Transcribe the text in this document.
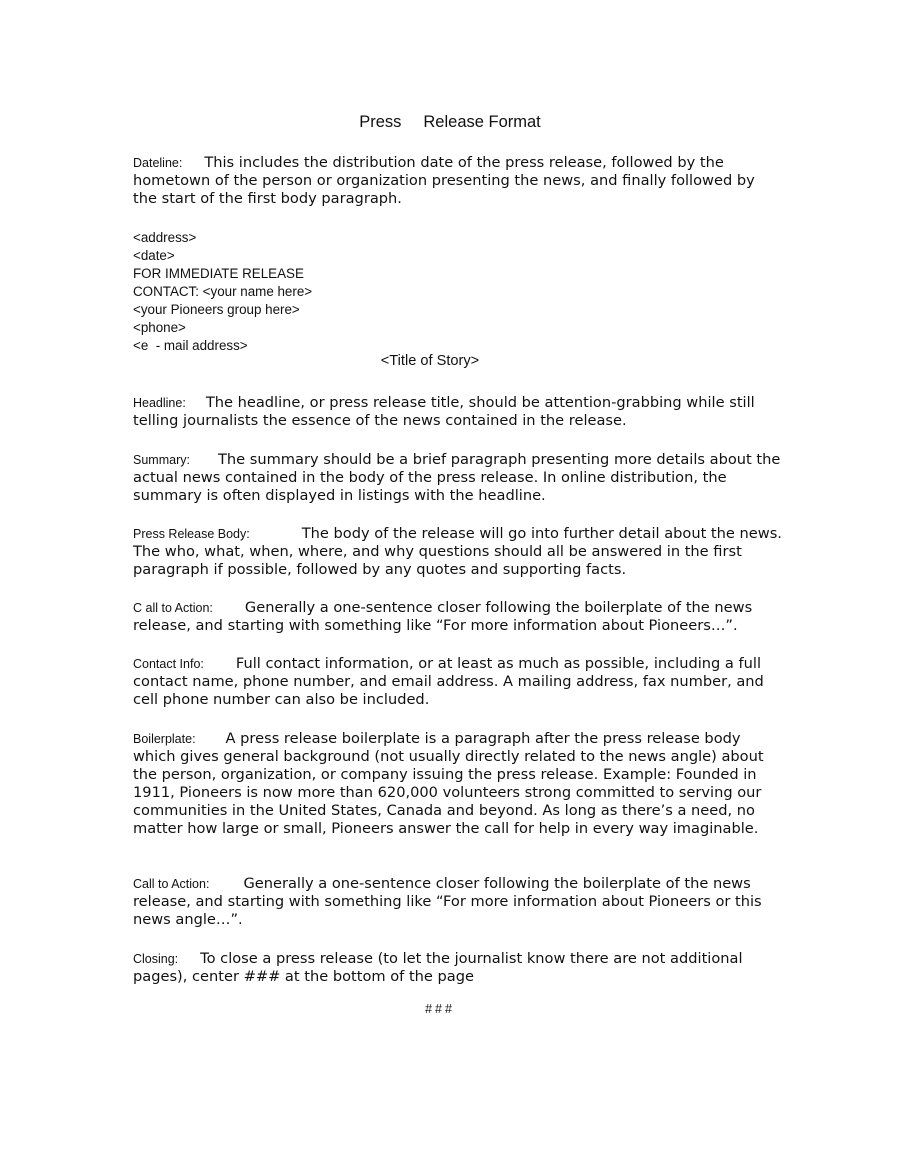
Press Release Format
Dateline: This includes the distribution date of the press release, followed by the hometown of the person or organization presenting the news, and finally followed by the start of the first body paragraph.
<address>
<date>
FOR IMMEDIATE RELEASE
CONTACT: <your name here>
<your Pioneers group here>
<phone>
<e  - mail address>
<Title of Story>
Headline: The headline, or press release title, should be attention-grabbing while still telling journalists the essence of the news contained in the release.
Summary: The summary should be a brief paragraph presenting more details about the actual news contained in the body of the press release. In online distribution, the summary is often displayed in listings with the headline.
Press Release Body:	The body of the release will go into further detail about the news. The who, what, when, where, and why questions should all be answered in the first paragraph if possible, followed by any quotes and supporting facts.
C all to Action: Generally a one-sentence closer following the boilerplate of the news release, and starting with something like “For more information about Pioneers…”.
Contact Info: Full contact information, or at least as much as possible, including a full contact name, phone number, and email address. A mailing address, fax number, and cell phone number can also be included.
Boilerplate: A press release boilerplate is a paragraph after the press release body which gives general background (not usually directly related to the news angle) about the person, organization, or company issuing the press release. Example: Founded in 1911, Pioneers is now more than 620,000 volunteers strong committed to serving our communities in the United States, Canada and beyond. As long as there’s a need, no matter how large or small, Pioneers answer the call for help in every way imaginable.
Call to Action: Generally a one-sentence closer following the boilerplate of the news release, and starting with something like “For more information about Pioneers or this news angle…”.
Closing: To close a press release (to let the journalist know there are not additional pages), center ### at the bottom of the page
###
